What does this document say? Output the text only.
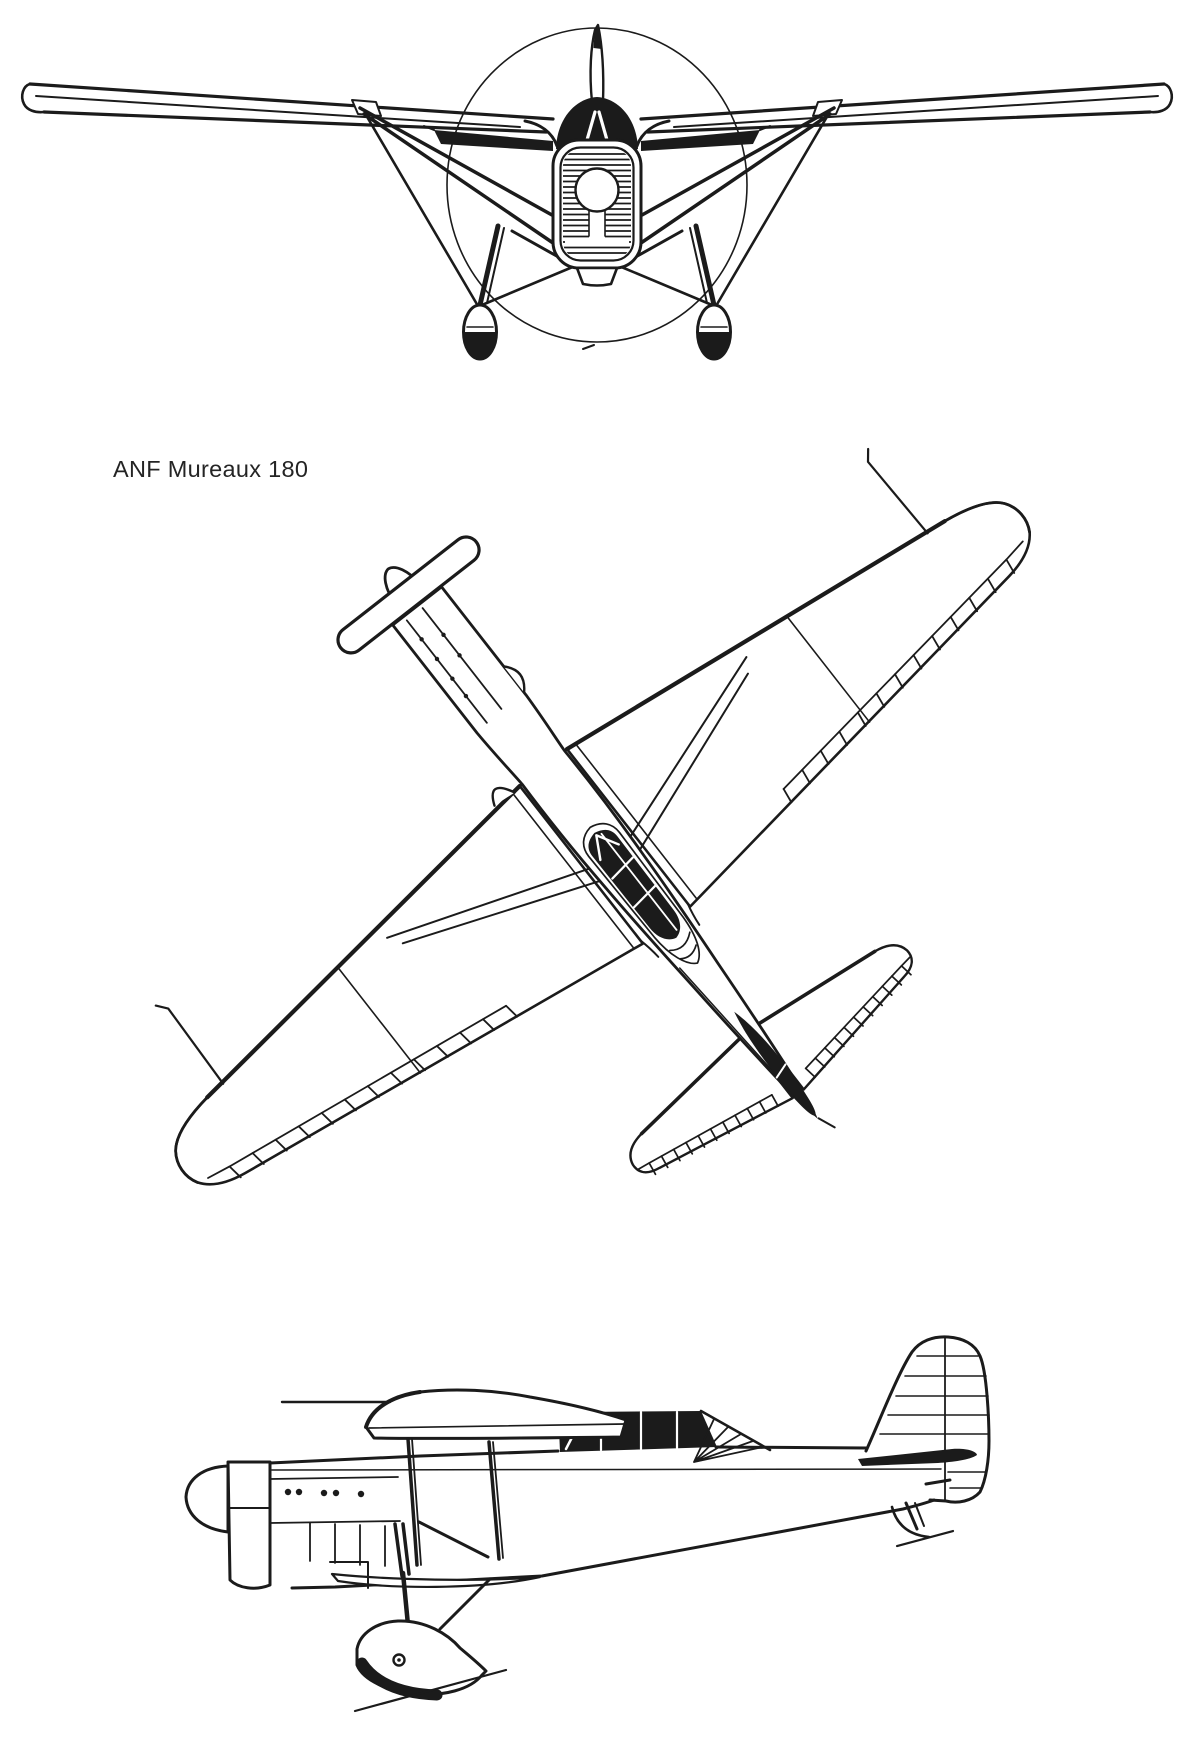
ANF Mureaux 180
